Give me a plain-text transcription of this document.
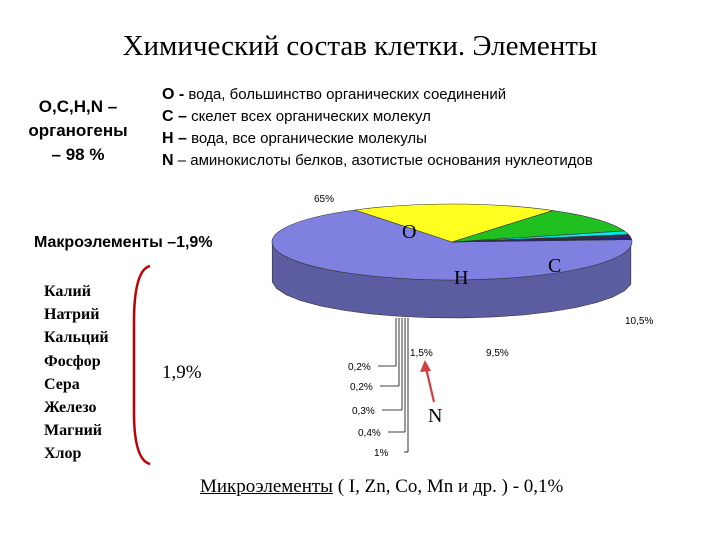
Химический состав клетки. Элементы
O,C,H,N –
органогены
– 98 %
O - вода, большинство органических соединений
C – скелет всех органических молекул
H – вода, все органические молекулы
N – аминокислоты белков, азотистые основания нуклеотидов
Макроэлементы –1,9%
Калий
Натрий
Кальций
Фосфор
Сера
Железо
Магний
Хлор
1,9%
65%
10,5%
9,5%
1,5%
0,2%
0,2%
0,3%
0,4%
1%
O
C
H
N
Микроэлементы ( I, Zn, Co, Mn и др. ) - 0,1%
